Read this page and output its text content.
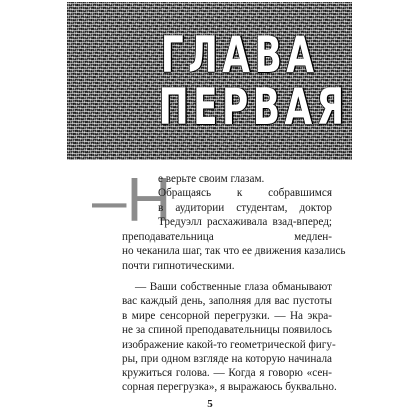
ГЛАВА
ПЕРВАЯ
–Н
е верьте своим глазам.
Обращаясь к собравшимся
в аудитории студентам, доктор
Тредуэлл расхаживала взад-вперед;
преподавательница медлен-
но чеканила шаг, так что ее движения казались
почти гипнотическими.
— Ваши собственные глаза обманывают
вас каждый день, заполняя для вас пустоты
в мире сенсорной перегрузки. — На экра-
не за спиной преподавательницы появилось
изображение какой-то геометрической фигу-
ры, при одном взгляде на которую начинала
кружиться голова. — Когда я говорю «сен-
сорная перегрузка», я выражаюсь буквально.
5
